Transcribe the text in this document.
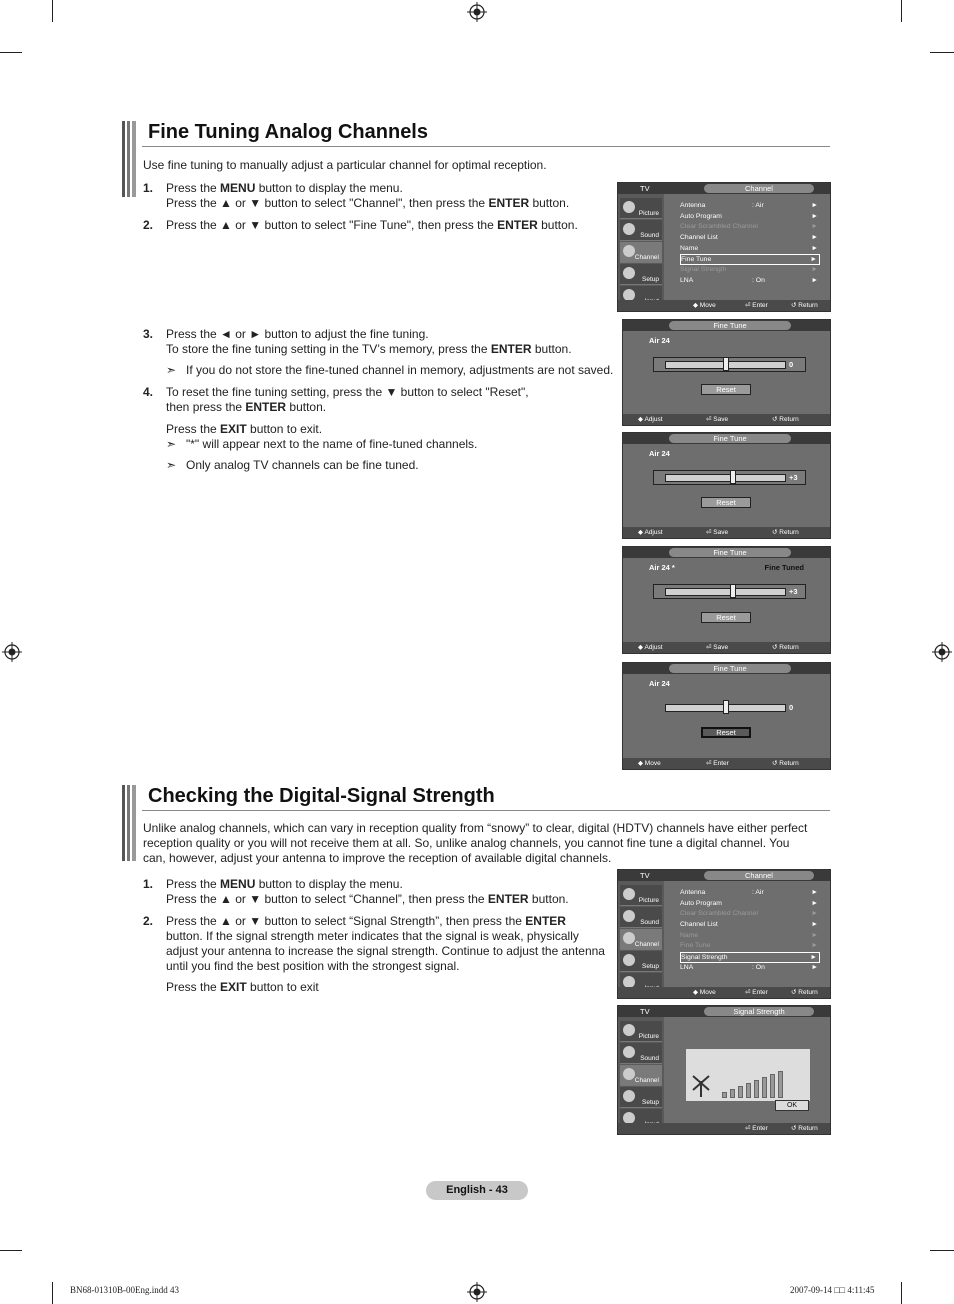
Fine Tuning Analog Channels
Use fine tuning to manually adjust a particular channel for optimal reception.
1. Press the MENU button to display the menu.
Press the ▲ or ▼ button to select "Channel", then press the ENTER button.
2. Press the ▲ or ▼ button to select "Fine Tune", then press the ENTER button.
3. Press the ◄ or ► button to adjust the fine tuning.
To store the fine tuning setting in the TV’s memory, press the ENTER button.
➣ If you do not store the fine-tuned channel in memory, adjustments are not saved.
4. To reset the fine tuning setting, press the ▼ button to select "Reset",
then press the ENTER button.

Press the EXIT button to exit.
➣ "*" will appear next to the name of fine-tuned channels.
➣ Only analog TV channels can be fine tuned.
TV	Channel
Picture
Sound
Channel
Setup
Antenna	: Air	►
Auto Program	►
Clear Scrambled Channel	►
Channel List	►
Name	►
Fine Tune	►
Signal Strength	►
LNA	: On	►
◆ Move	⏎ Enter	↺ Return
Fine Tune
Air 24
0
Reset
◆ Adjust	⏎ Save	↺ Return
Fine Tune
Air 24
+3
Reset
◆ Adjust	⏎ Save	↺ Return
Fine Tune
Air 24 *	Fine Tuned
+3
Reset
◆ Adjust	⏎ Save	↺ Return
Fine Tune
Air 24
0
Reset
◆ Move	⏎ Enter	↺ Return
Checking the Digital-Signal Strength
Unlike analog channels, which can vary in reception quality from “snowy” to clear, digital (HDTV) channels have either perfect reception quality or you will not receive them at all. So, unlike analog channels, you cannot fine tune a digital channel. You can, however, adjust your antenna to improve the reception of available digital channels.
1. Press the MENU button to display the menu.
Press the ▲ or ▼ button to select “Channel”, then press the ENTER button.
2. Press the ▲ or ▼ button to select “Signal Strength”, then press the ENTER
button. If the signal strength meter indicates that the signal is weak, physically adjust your antenna to increase the signal strength. Continue to adjust the antenna until you find the best position with the strongest signal.

Press the EXIT button to exit
TV	Channel
Picture
Sound
Channel
Setup
Antenna	: Air	►
Auto Program	►
Clear Scrambled Channel	►
Channel List	►
Name	►
Fine Tune	►
Signal Strength	►
LNA	: On	►
◆ Move	⏎ Enter	↺ Return
TV	Signal Strength
Picture
Sound
Channel
Setup	OK
⏎ Enter	↺ Return
English - 43
BN68-01310B-00Eng.indd 43	2007-09-14 □□ 4:11:45
